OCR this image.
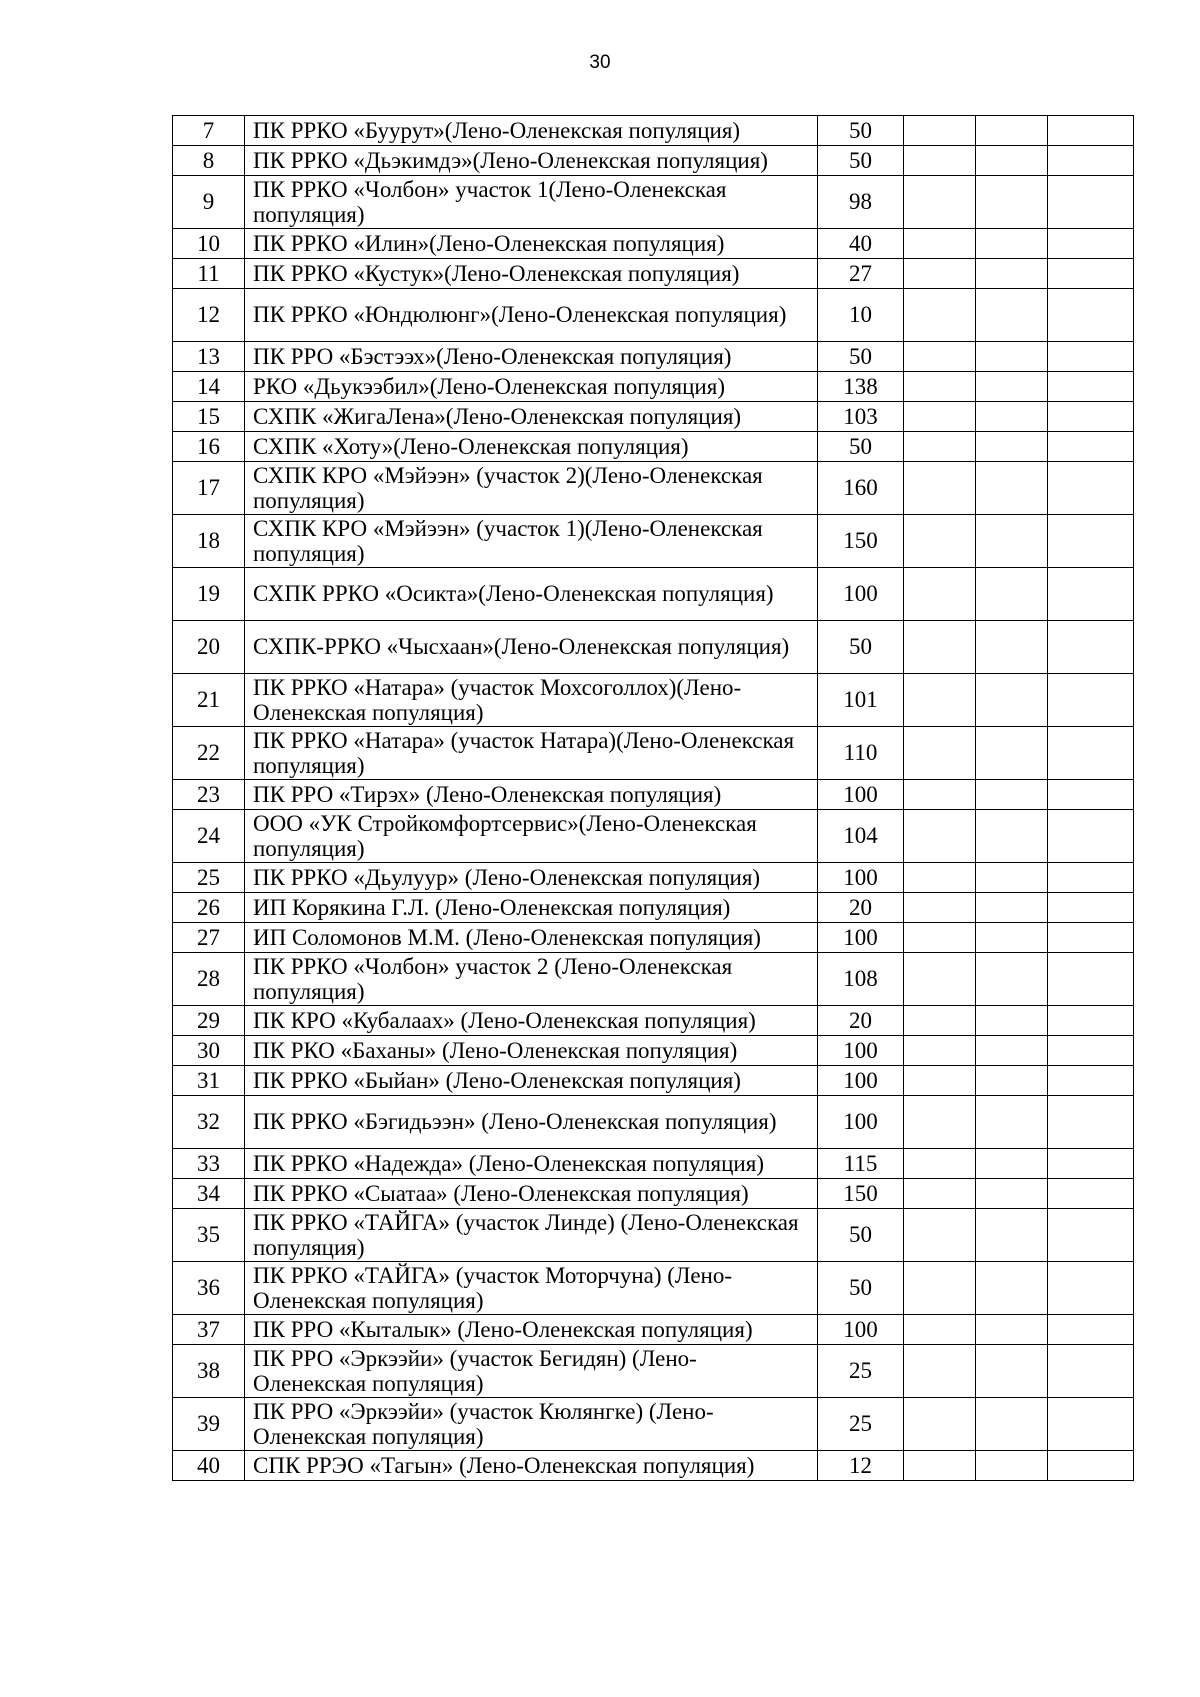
30
7	ПК РРКО «Буурут»(Лено-Оленекская популяция)	50			
8	ПК РРКО «Дьэкимдэ»(Лено-Оленекская популяция)	50			
9	ПК РРКО «Чолбон» участок 1(Лено-Оленекская популяция)	98			
10	ПК РРКО «Илин»(Лено-Оленекская популяция)	40			
11	ПК РРКО «Кустук»(Лено-Оленекская популяция)	27			
12	ПК РРКО «Юндюлюнг»(Лено-Оленекская популяция)	10			
13	ПК РРО «Бэстээх»(Лено-Оленекская популяция)	50			
14	РКО «Дьукээбил»(Лено-Оленекская популяция)	138			
15	СХПК «ЖигаЛена»(Лено-Оленекская популяция)	103			
16	СХПК «Хоту»(Лено-Оленекская популяция)	50			
17	СХПК КРО «Мэйээн» (участок 2)(Лено-Оленекская популяция)	160			
18	СХПК КРО «Мэйээн» (участок 1)(Лено-Оленекская популяция)	150			
19	СХПК РРКО «Осикта»(Лено-Оленекская популяция)	100			
20	СХПК-РРКО «Чысхаан»(Лено-Оленекская популяция)	50			
21	ПК РРКО «Натара» (участок Мохсоголлох)(Лено-Оленекская популяция)	101			
22	ПК РРКО «Натара» (участок Натара)(Лено-Оленекская популяция)	110			
23	ПК РРО «Тирэх» (Лено-Оленекская популяция)	100			
24	ООО «УК Стройкомфортсервис»(Лено-Оленекская популяция)	104			
25	ПК РРКО «Дьулуур» (Лено-Оленекская популяция)	100			
26	ИП Корякина Г.Л. (Лено-Оленекская популяция)	20			
27	ИП Соломонов М.М. (Лено-Оленекская популяция)	100			
28	ПК РРКО «Чолбон» участок 2 (Лено-Оленекская популяция)	108			
29	ПК КРО «Кубалаах» (Лено-Оленекская популяция)	20			
30	ПК РКО «Баханы» (Лено-Оленекская популяция)	100			
31	ПК РРКО «Быйан» (Лено-Оленекская популяция)	100			
32	ПК РРКО «Бэгидьээн» (Лено-Оленекская популяция)	100			
33	ПК РРКО «Надежда» (Лено-Оленекская популяция)	115			
34	ПК РРКО «Сыатаа» (Лено-Оленекская популяция)	150			
35	ПК РРКО «ТАЙГА» (участок Линде) (Лено-Оленекская популяция)	50			
36	ПК РРКО «ТАЙГА» (участок Моторчуна) (Лено-Оленекская популяция)	50			
37	ПК РРО «Кыталык» (Лено-Оленекская популяция)	100			
38	ПК РРО «Эркээйи» (участок Бегидян) (Лено-Оленекская популяция)	25			
39	ПК РРО «Эркээйи» (участок Кюлянгке) (Лено-Оленекская популяция)	25			
40	СПК РРЭО «Тагын» (Лено-Оленекская популяция)	12			
